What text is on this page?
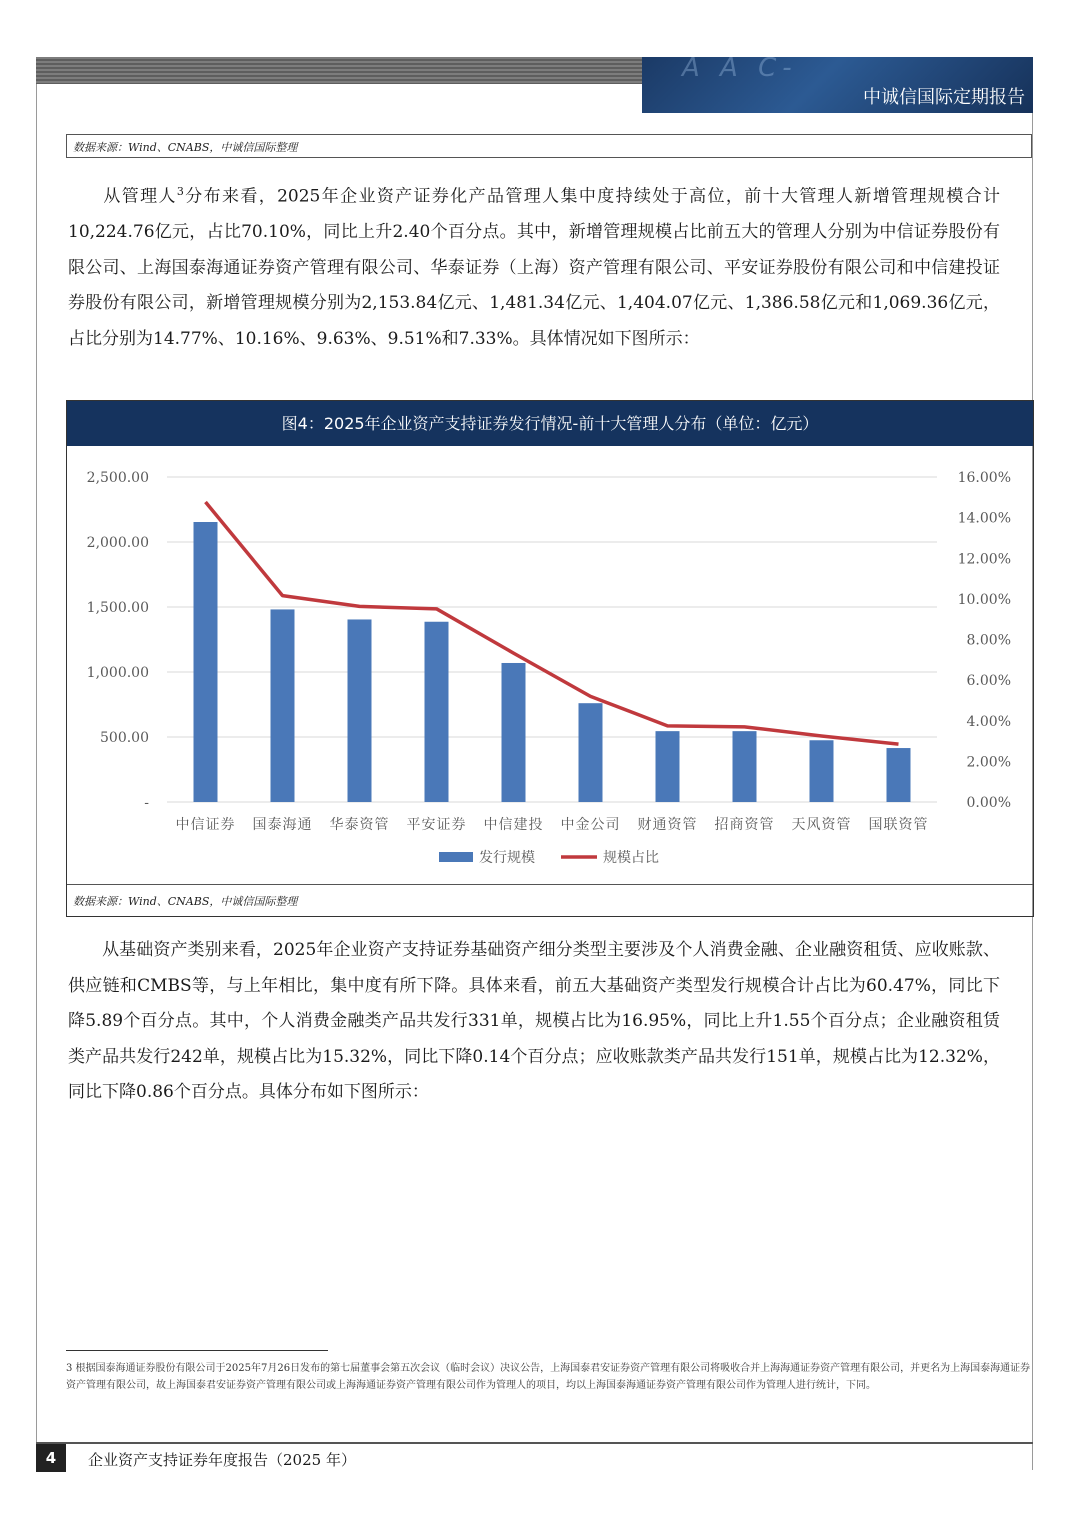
A A C-
中诚信国际定期报告
数据来源：Wind、CNABS，中诚信国际整理

从管理人$^3$分布来看，2025年企业资产证券化产品管理人集中度持续处于高位，前十大管理人新增管理规模合计10,224.76亿元，占比70.10%，同比上升2.40个百分点。其中，新增管理规模占比前五大的管理人分别为中信证券股份有限公司、上海国泰海通证券资产管理有限公司、华泰证券（上海）资产管理有限公司、平安证券股份有限公司和中信建投证券股份有限公司，新增管理规模分别为2,153.84亿元、1,481.34亿元、1,404.07亿元、1,386.58亿元和1,069.36亿元，占比分别为14.77%、10.16%、9.63%、9.51%和7.33%。具体情况如下图所示：

图4：2025年企业资产支持证券发行情况-前十大管理人分布（单位：亿元）
-
500.00
1,000.00
1,500.00
2,000.00
2,500.00
0.00%
2.00%
4.00%
6.00%
8.00%
10.00%
12.00%
14.00%
16.00%
中信证券 国泰海通 华泰资管 平安证券 中信建投 中金公司 财通资管 招商资管 天风资管 国联资管
发行规模	规模占比
数据来源：Wind、CNABS，中诚信国际整理

从基础资产类别来看，2025年企业资产支持证券基础资产细分类型主要涉及个人消费金融、企业融资租赁、应收账款、供应链和CMBS等，与上年相比，集中度有所下降。具体来看，前五大基础资产类型发行规模合计占比为60.47%，同比下降5.89个百分点。其中，个人消费金融类产品共发行331单，规模占比为16.95%，同比上升1.55个百分点；企业融资租赁类产品共发行242单，规模占比为15.32%，同比下降0.14个百分点；应收账款类产品共发行151单，规模占比为12.32%，同比下降0.86个百分点。具体分布如下图所示：

3 根据国泰海通证券股份有限公司于2025年7月26日发布的第七届董事会第五次会议（临时会议）决议公告，上海国泰君安证券资产管理有限公司将吸收合并上海海通证券资产管理有限公司，并更名为上海国泰海通证券资产管理有限公司，故上海国泰君安证券资产管理有限公司或上海海通证券资产管理有限公司作为管理人的项目，均以上海国泰海通证券资产管理有限公司作为管理人进行统计，下同。

4	企业资产支持证券年度报告（2025 年）
